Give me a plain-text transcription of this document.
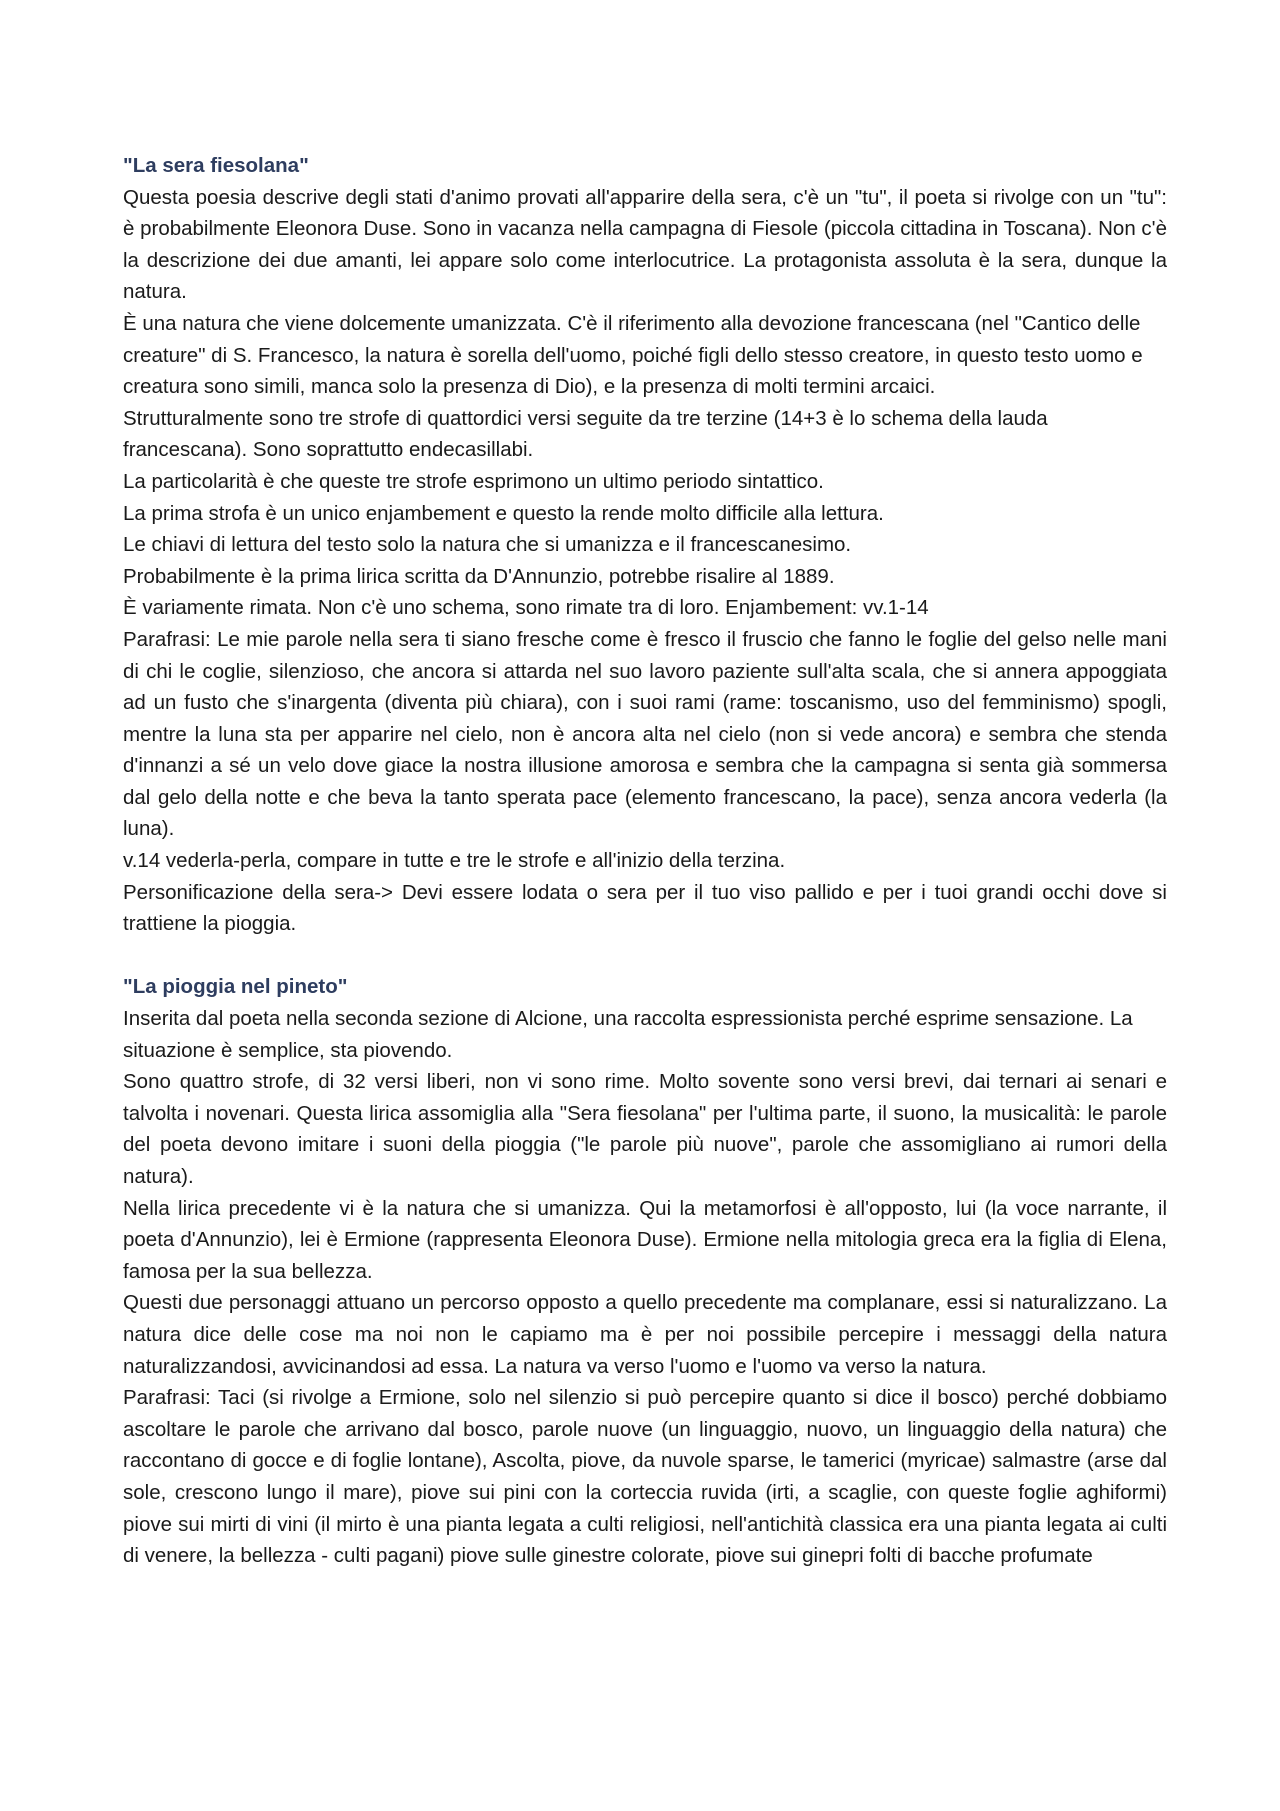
"La sera fiesolana"

Questa poesia descrive degli stati d'animo provati all'apparire della sera, c'è un "tu", il poeta si rivolge con un "tu": è probabilmente Eleonora Duse. Sono in vacanza nella campagna di Fiesole (piccola cittadina in Toscana). Non c'è la descrizione dei due amanti, lei appare solo come interlocutrice. La protagonista assoluta è la sera, dunque la natura.

È una natura che viene dolcemente umanizzata. C'è il riferimento alla devozione francescana (nel "Cantico delle creature" di S. Francesco, la natura è sorella dell'uomo, poiché figli dello stesso creatore, in questo testo uomo e creatura sono simili, manca solo la presenza di Dio), e la presenza di molti termini arcaici.

Strutturalmente sono tre strofe di quattordici versi seguite da tre terzine (14+3 è lo schema della lauda francescana). Sono soprattutto endecasillabi.

La particolarità è che queste tre strofe esprimono un ultimo periodo sintattico.

La prima strofa è un unico enjambement e questo la rende molto difficile alla lettura.

Le chiavi di lettura del testo solo la natura che si umanizza e il francescanesimo.

Probabilmente è la prima lirica scritta da D'Annunzio, potrebbe risalire al 1889.

È variamente rimata. Non c'è uno schema, sono rimate tra di loro. Enjambement: vv.1-14

Parafrasi: Le mie parole nella sera ti siano fresche come è fresco il fruscio che fanno le foglie del gelso nelle mani di chi le coglie, silenzioso, che ancora si attarda nel suo lavoro paziente sull'alta scala, che si annera appoggiata ad un fusto che s'inargenta (diventa più chiara), con i suoi rami (rame: toscanismo, uso del femminismo) spogli, mentre la luna sta per apparire nel cielo, non è ancora alta nel cielo (non si vede ancora) e sembra che stenda d'innanzi a sé un velo dove giace la nostra illusione amorosa e sembra che la campagna si senta già sommersa dal gelo della notte e che beva la tanto sperata pace (elemento francescano, la pace), senza ancora vederla (la luna).

v.14 vederla-perla, compare in tutte e tre le strofe e all'inizio della terzina.

Personificazione della sera-> Devi essere lodata o sera per il tuo viso pallido e per i tuoi grandi occhi dove si trattiene la pioggia.

"La pioggia nel pineto"

Inserita dal poeta nella seconda sezione di Alcione, una raccolta espressionista perché esprime sensazione. La situazione è semplice, sta piovendo.

Sono quattro strofe, di 32 versi liberi, non vi sono rime. Molto sovente sono versi brevi, dai ternari ai senari e talvolta i novenari. Questa lirica assomiglia alla "Sera fiesolana" per l'ultima parte, il suono, la musicalità: le parole del poeta devono imitare i suoni della pioggia ("le parole più nuove", parole che assomigliano ai rumori della natura).

Nella lirica precedente vi è la natura che si umanizza. Qui la metamorfosi è all'opposto, lui (la voce narrante, il poeta d'Annunzio), lei è Ermione (rappresenta Eleonora Duse). Ermione nella mitologia greca era la figlia di Elena, famosa per la sua bellezza.

Questi due personaggi attuano un percorso opposto a quello precedente ma complanare, essi si naturalizzano. La natura dice delle cose ma noi non le capiamo ma è per noi possibile percepire i messaggi della natura naturalizzandosi, avvicinandosi ad essa. La natura va verso l'uomo e l'uomo va verso la natura.

Parafrasi: Taci (si rivolge a Ermione, solo nel silenzio si può percepire quanto si dice il bosco) perché dobbiamo ascoltare le parole che arrivano dal bosco, parole nuove (un linguaggio, nuovo, un linguaggio della natura) che raccontano di gocce e di foglie lontane), Ascolta, piove, da nuvole sparse, le tamerici (myricae) salmastre (arse dal sole, crescono lungo il mare), piove sui pini con la corteccia ruvida (irti, a scaglie, con queste foglie aghiformi) piove sui mirti di vini (il mirto è una pianta legata a culti religiosi, nell'antichità classica era una pianta legata ai culti di venere, la bellezza - culti pagani) piove sulle ginestre colorate, piove sui ginepri folti di bacche profumate
